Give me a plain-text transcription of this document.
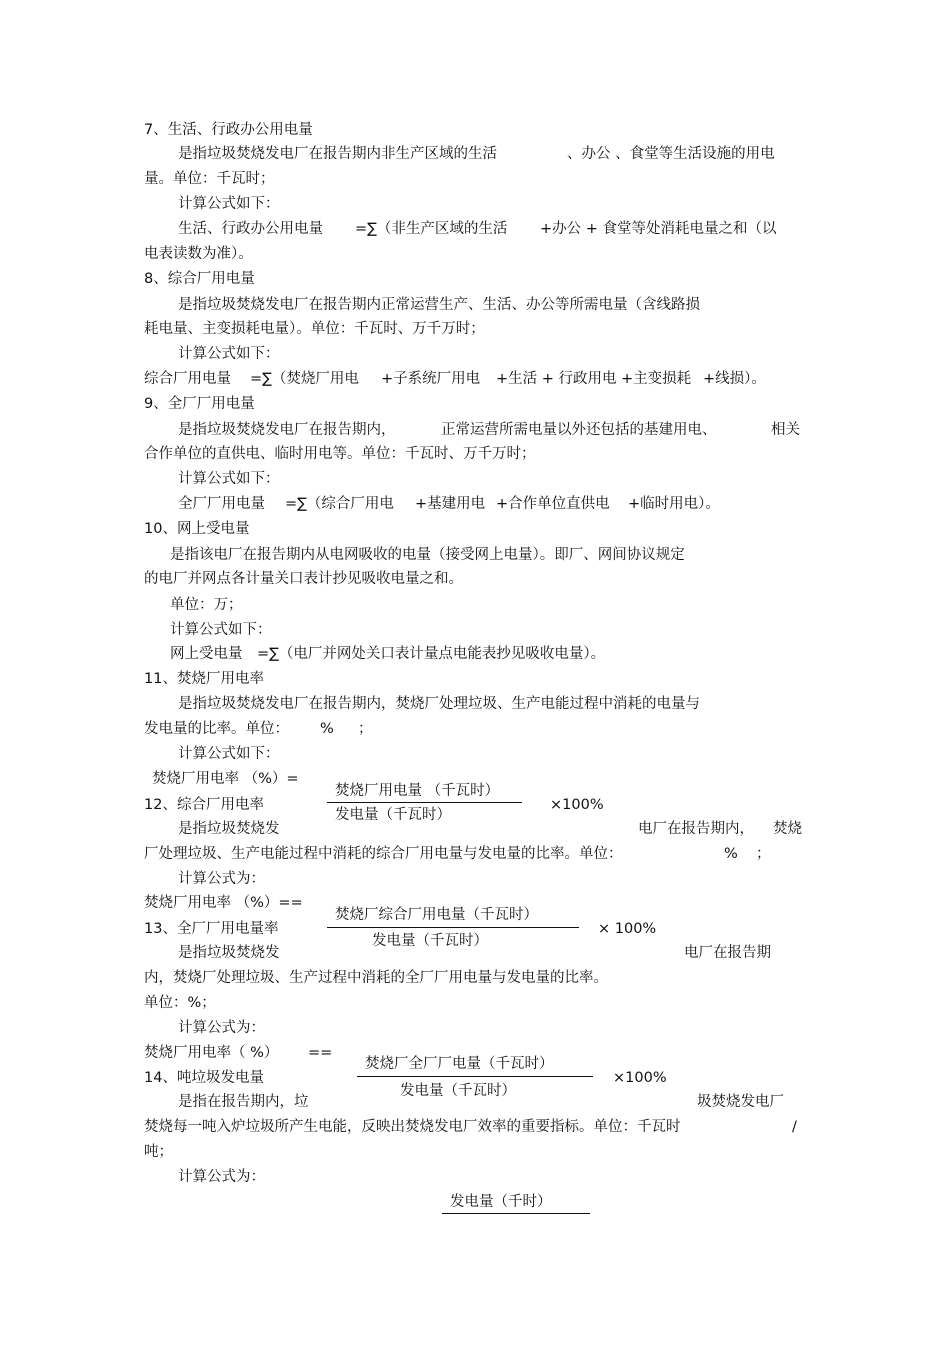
7、生活、行政办公用电量
是指垃圾焚烧发电厂在报告期内非生产区域的生活	、办公 、食堂等生活设施的用电
量。单位：千瓦时；
计算公式如下：
生活、行政办公用电量 =∑（非生产区域的生活 +办公 + 食堂等处消耗电量之和（以
电表读数为准）。
8、综合厂用电量
是指垃圾焚烧发电厂在报告期内正常运营生产、生活、办公等所需电量（含线路损
耗电量、主变损耗电量）。单位：千瓦时、万千万时；
计算公式如下：
综合厂用电量 =∑（焚烧厂用电 +子系统厂用电 +生活 + 行政用电 +主变损耗 +线损）。
9、全厂厂用电量
是指垃圾焚烧发电厂在报告期内，	正常运营所需电量以外还包括的基建用电、	相关
合作单位的直供电、临时用电等。单位：千瓦时、万千万时；
计算公式如下：
全厂厂用电量 =∑（综合厂用电 +基建用电 +合作单位直供电 +临时用电）。
10、网上受电量
是指该电厂在报告期内从电网吸收的电量（接受网上电量）。即厂、网间协议规定
的电厂并网点各计量关口表计抄见吸收电量之和。
单位：万；
计算公式如下：
网上受电量 =∑（电厂并网处关口表计量点电能表抄见吸收电量）。
11、焚烧厂用电率
是指垃圾焚烧发电厂在报告期内，焚烧厂处理垃圾、生产电能过程中消耗的电量与
发电量的比率。单位： % ；
计算公式如下：
焚烧厂用电率 （%）=
焚烧厂用电量 （千瓦时）
发电量（千瓦时）
×100%
12、综合厂用电率
是指垃圾焚烧发	电厂在报告期内， 焚烧
厂处理垃圾、生产电能过程中消耗的综合厂用电量与发电量的比率。单位：	% ；
计算公式为：
焚烧厂用电率 （%）==
焚烧厂综合厂用电量（千瓦时）
发电量（千瓦时）
× 100%
13、全厂厂用电量率
是指垃圾焚烧发	电厂在报告期
内，焚烧厂处理垃圾、生产过程中消耗的全厂厂用电量与发电量的比率。
单位：%；
计算公式为：
焚烧厂用电率（ %） ==
焚烧厂全厂厂电量（千瓦时）
发电量（千瓦时）
×100%
14、吨垃圾发电量
是指在报告期内，垃	圾焚烧发电厂
焚烧每一吨入炉垃圾所产生电能，反映出焚烧发电厂效率的重要指标。单位：千瓦时	/
吨；
计算公式为：
发电量（千时）
